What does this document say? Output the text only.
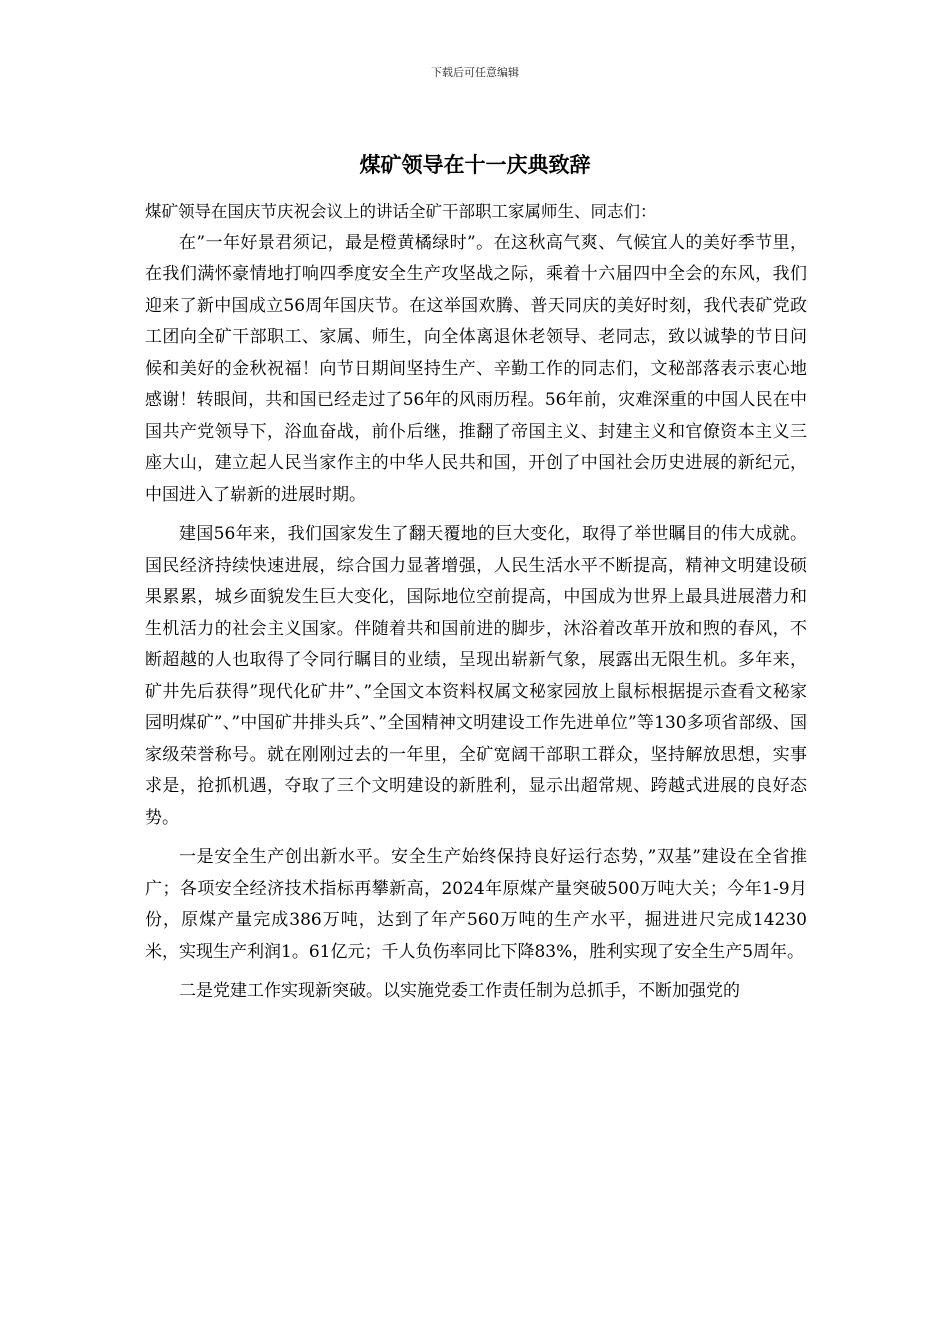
下载后可任意编辑
煤矿领导在十一庆典致辞

煤矿领导在国庆节庆祝会议上的讲话全矿干部职工家属师生、同志们：

在”一年好景君须记，最是橙黄橘绿时”。在这秋高气爽、气候宜人的美好季节里，在我们满怀豪情地打响四季度安全生产攻坚战之际，乘着十六届四中全会的东风，我们迎来了新中国成立56周年国庆节。在这举国欢腾、普天同庆的美好时刻，我代表矿党政工团向全矿干部职工、家属、师生，向全体离退休老领导、老同志，致以诚挚的节日问候和美好的金秋祝福！向节日期间坚持生产、辛勤工作的同志们，文秘部落表示衷心地感谢！转眼间，共和国已经走过了56年的风雨历程。56年前，灾难深重的中国人民在中国共产党领导下，浴血奋战，前仆后继，推翻了帝国主义、封建主义和官僚资本主义三座大山，建立起人民当家作主的中华人民共和国，开创了中国社会历史进展的新纪元，中国进入了崭新的进展时期。

建国56年来，我们国家发生了翻天覆地的巨大变化，取得了举世瞩目的伟大成就。国民经济持续快速进展，综合国力显著增强，人民生活水平不断提高，精神文明建设硕果累累，城乡面貌发生巨大变化，国际地位空前提高，中国成为世界上最具进展潜力和生机活力的社会主义国家。伴随着共和国前进的脚步，沐浴着改革开放和煦的春风，不断超越的人也取得了令同行瞩目的业绩，呈现出崭新气象，展露出无限生机。多年来，矿井先后获得”现代化矿井”、”全国文本资料权属文秘家园放上鼠标根据提示查看文秘家园明煤矿”、”中国矿井排头兵”、”全国精神文明建设工作先进单位”等130多项省部级、国家级荣誉称号。就在刚刚过去的一年里，全矿宽阔干部职工群众，坚持解放思想，实事求是，抢抓机遇，夺取了三个文明建设的新胜利，显示出超常规、跨越式进展的良好态势。

一是安全生产创出新水平。安全生产始终保持良好运行态势，”双基”建设在全省推广；各项安全经济技术指标再攀新高，2024年原煤产量突破500万吨大关；今年1-9月份，原煤产量完成386万吨，达到了年产560万吨的生产水平，掘进进尺完成14230米，实现生产利润1。61亿元；千人负伤率同比下降83%，胜利实现了安全生产5周年。

二是党建工作实现新突破。以实施党委工作责任制为总抓手，不断加强党的
